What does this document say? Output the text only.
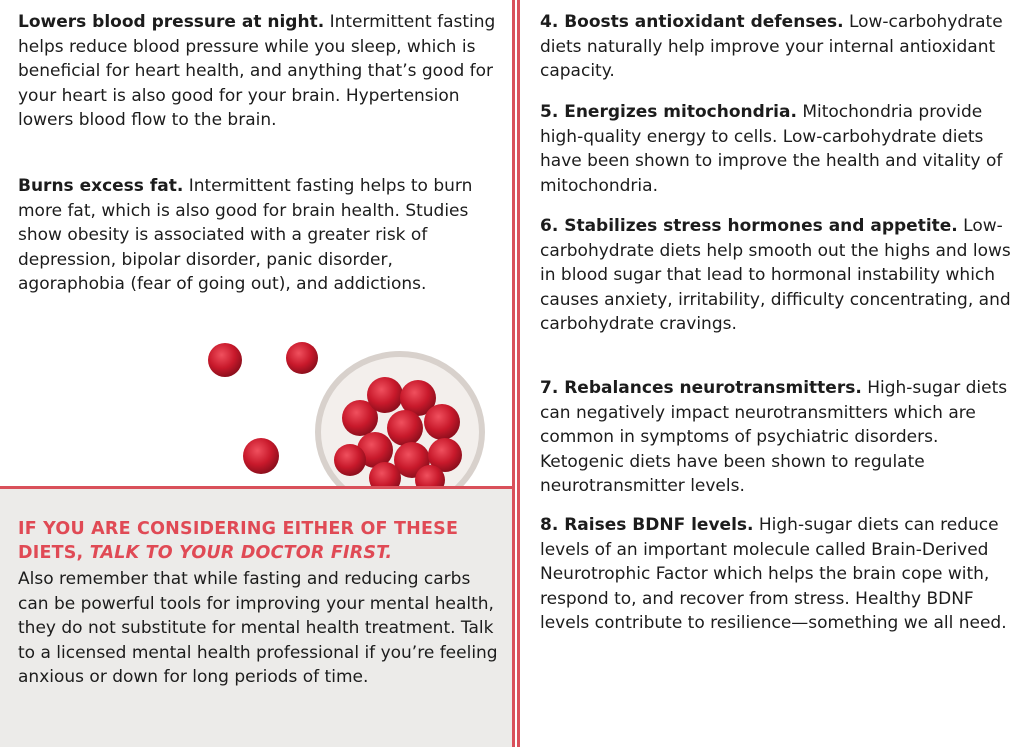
Lowers blood pressure at night. Intermittent fasting helps reduce blood pressure while you sleep, which is beneficial for heart health, and anything that’s good for your heart is also good for your brain. Hypertension lowers blood flow to the brain.

Burns excess fat. Intermittent fasting helps to burn more fat, which is also good for brain health. Studies show obesity is associated with a greater risk of depression, bipolar disorder, panic disorder, agoraphobia (fear of going out), and addictions.

IF YOU ARE CONSIDERING EITHER OF THESE DIETS, TALK TO YOUR DOCTOR FIRST.

Also remember that while fasting and reducing carbs can be powerful tools for improving your mental health, they do not substitute for mental health treatment. Talk to a licensed mental health professional if you’re feeling anxious or down for long periods of time.

4. Boosts antioxidant defenses. Low-carbohydrate diets naturally help improve your internal antioxidant capacity.

5. Energizes mitochondria. Mitochondria provide high-quality energy to cells. Low-carbohydrate diets have been shown to improve the health and vitality of mitochondria.

6. Stabilizes stress hormones and appetite. Low-carbohydrate diets help smooth out the highs and lows in blood sugar that lead to hormonal instability which causes anxiety, irritability, difficulty concentrating, and carbohydrate cravings.

7. Rebalances neurotransmitters. High-sugar diets can negatively impact neurotransmitters which are common in symptoms of psychiatric disorders. Ketogenic diets have been shown to regulate neurotransmitter levels.

8. Raises BDNF levels. High-sugar diets can reduce levels of an important molecule called Brain-Derived Neurotrophic Factor which helps the brain cope with, respond to, and recover from stress. Healthy BDNF levels contribute to resilience—something we all need.
